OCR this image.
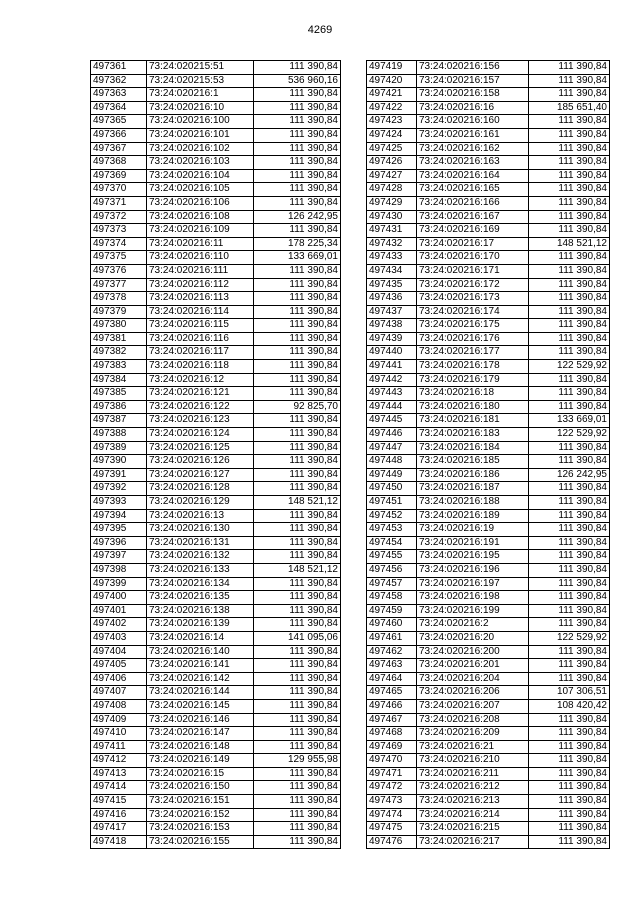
4269
497361	73:24:020215:51	111 390,84
497362	73:24:020215:53	536 960,16
497363	73:24:020216:1	111 390,84
497364	73:24:020216:10	111 390,84
497365	73:24:020216:100	111 390,84
497366	73:24:020216:101	111 390,84
497367	73:24:020216:102	111 390,84
497368	73:24:020216:103	111 390,84
497369	73:24:020216:104	111 390,84
497370	73:24:020216:105	111 390,84
497371	73:24:020216:106	111 390,84
497372	73:24:020216:108	126 242,95
497373	73:24:020216:109	111 390,84
497374	73:24:020216:11	178 225,34
497375	73:24:020216:110	133 669,01
497376	73:24:020216:111	111 390,84
497377	73:24:020216:112	111 390,84
497378	73:24:020216:113	111 390,84
497379	73:24:020216:114	111 390,84
497380	73:24:020216:115	111 390,84
497381	73:24:020216:116	111 390,84
497382	73:24:020216:117	111 390,84
497383	73:24:020216:118	111 390,84
497384	73:24:020216:12	111 390,84
497385	73:24:020216:121	111 390,84
497386	73:24:020216:122	92 825,70
497387	73:24:020216:123	111 390,84
497388	73:24:020216:124	111 390,84
497389	73:24:020216:125	111 390,84
497390	73:24:020216:126	111 390,84
497391	73:24:020216:127	111 390,84
497392	73:24:020216:128	111 390,84
497393	73:24:020216:129	148 521,12
497394	73:24:020216:13	111 390,84
497395	73:24:020216:130	111 390,84
497396	73:24:020216:131	111 390,84
497397	73:24:020216:132	111 390,84
497398	73:24:020216:133	148 521,12
497399	73:24:020216:134	111 390,84
497400	73:24:020216:135	111 390,84
497401	73:24:020216:138	111 390,84
497402	73:24:020216:139	111 390,84
497403	73:24:020216:14	141 095,06
497404	73:24:020216:140	111 390,84
497405	73:24:020216:141	111 390,84
497406	73:24:020216:142	111 390,84
497407	73:24:020216:144	111 390,84
497408	73:24:020216:145	111 390,84
497409	73:24:020216:146	111 390,84
497410	73:24:020216:147	111 390,84
497411	73:24:020216:148	111 390,84
497412	73:24:020216:149	129 955,98
497413	73:24:020216:15	111 390,84
497414	73:24:020216:150	111 390,84
497415	73:24:020216:151	111 390,84
497416	73:24:020216:152	111 390,84
497417	73:24:020216:153	111 390,84
497418	73:24:020216:155	111 390,84
497419	73:24:020216:156	111 390,84
497420	73:24:020216:157	111 390,84
497421	73:24:020216:158	111 390,84
497422	73:24:020216:16	185 651,40
497423	73:24:020216:160	111 390,84
497424	73:24:020216:161	111 390,84
497425	73:24:020216:162	111 390,84
497426	73:24:020216:163	111 390,84
497427	73:24:020216:164	111 390,84
497428	73:24:020216:165	111 390,84
497429	73:24:020216:166	111 390,84
497430	73:24:020216:167	111 390,84
497431	73:24:020216:169	111 390,84
497432	73:24:020216:17	148 521,12
497433	73:24:020216:170	111 390,84
497434	73:24:020216:171	111 390,84
497435	73:24:020216:172	111 390,84
497436	73:24:020216:173	111 390,84
497437	73:24:020216:174	111 390,84
497438	73:24:020216:175	111 390,84
497439	73:24:020216:176	111 390,84
497440	73:24:020216:177	111 390,84
497441	73:24:020216:178	122 529,92
497442	73:24:020216:179	111 390,84
497443	73:24:020216:18	111 390,84
497444	73:24:020216:180	111 390,84
497445	73:24:020216:181	133 669,01
497446	73:24:020216:183	122 529,92
497447	73:24:020216:184	111 390,84
497448	73:24:020216:185	111 390,84
497449	73:24:020216:186	126 242,95
497450	73:24:020216:187	111 390,84
497451	73:24:020216:188	111 390,84
497452	73:24:020216:189	111 390,84
497453	73:24:020216:19	111 390,84
497454	73:24:020216:191	111 390,84
497455	73:24:020216:195	111 390,84
497456	73:24:020216:196	111 390,84
497457	73:24:020216:197	111 390,84
497458	73:24:020216:198	111 390,84
497459	73:24:020216:199	111 390,84
497460	73:24:020216:2	111 390,84
497461	73:24:020216:20	122 529,92
497462	73:24:020216:200	111 390,84
497463	73:24:020216:201	111 390,84
497464	73:24:020216:204	111 390,84
497465	73:24:020216:206	107 306,51
497466	73:24:020216:207	108 420,42
497467	73:24:020216:208	111 390,84
497468	73:24:020216:209	111 390,84
497469	73:24:020216:21	111 390,84
497470	73:24:020216:210	111 390,84
497471	73:24:020216:211	111 390,84
497472	73:24:020216:212	111 390,84
497473	73:24:020216:213	111 390,84
497474	73:24:020216:214	111 390,84
497475	73:24:020216:215	111 390,84
497476	73:24:020216:217	111 390,84
